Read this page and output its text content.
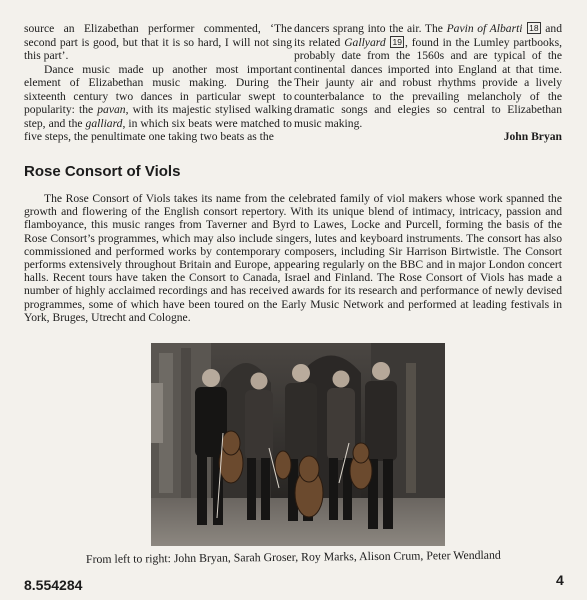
source an Elizabethan performer commented, ‘The second part is good, but that it is so hard, I will not sing this part’.

Dance music made up another most important element of Elizabethan music making. During the sixteenth century two dances in particular swept to popularity: the pavan, with its majestic stylised walking step, and the galliard, in which six beats were matched to five steps, the penultimate one taking two beats as the

dancers sprang into the air. The Pavin of Albarti 18 and its related Gallyard 19 , found in the Lumley partbooks, probably date from the 1560s and are typical of the continental dances imported into England at that time. Their jaunty air and robust rhythms provide a lively counterbalance to the prevailing melancholy of the dramatic songs and elegies so central to Elizabethan music making.

John Bryan

Rose Consort of Viols

The Rose Consort of Viols takes its name from the celebrated family of viol makers whose work spanned the growth and flowering of the English consort repertory. With its unique blend of intimacy, intricacy, passion and flamboyance, this music ranges from Taverner and Byrd to Lawes, Locke and Purcell, forming the basis of the Rose Consort’s programmes, which may also include singers, lutes and keyboard instruments. The consort has also commissioned and performed works by contemporary composers, including Sir Harrison Birtwistle. The Consort performs extensively throughout Britain and Europe, appearing regularly on the BBC and in major London concert halls. Recent tours have taken the Consort to Canada, Israel and Finland. The Rose Consort of Viols has made a number of highly acclaimed recordings and has received awards for its research and performance of newly devised programmes, some of which have been toured on the Early Music Network and performed at leading festivals in York, Bruges, Utrecht and Cologne.

From left to right: John Bryan, Sarah Groser, Roy Marks, Alison Crum, Peter Wendland

8.554284	4
